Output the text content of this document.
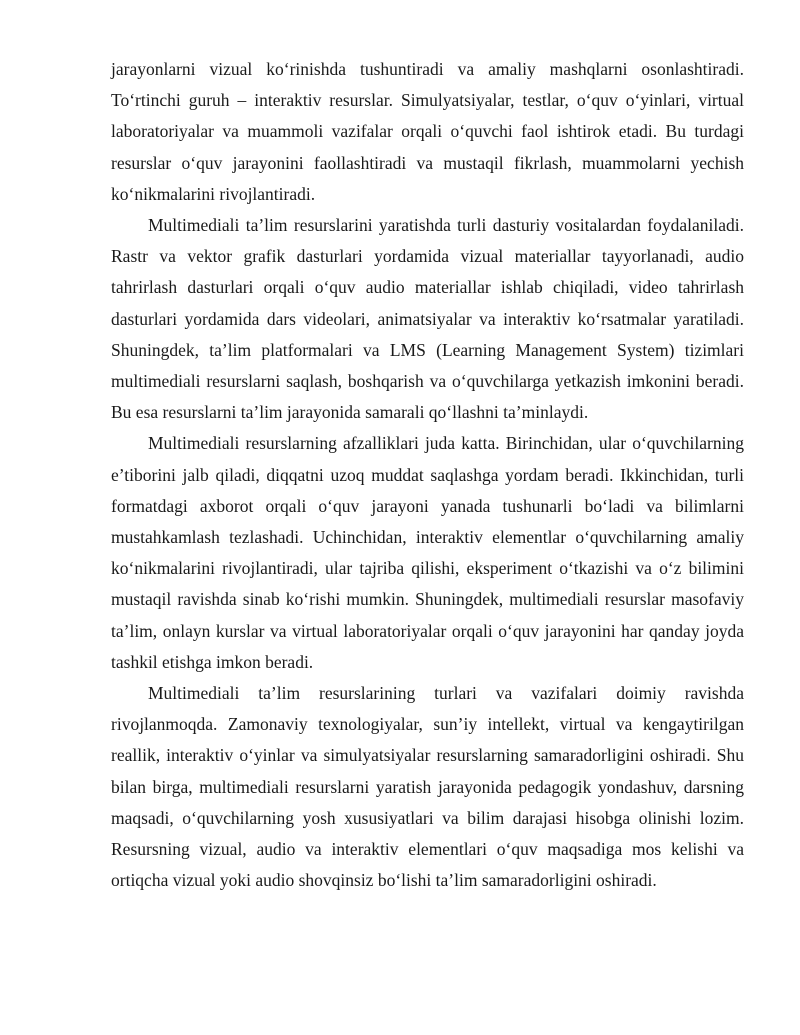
jarayonlarni vizual ko‘rinishda tushuntiradi va amaliy mashqlarni osonlashtiradi. To‘rtinchi guruh – interaktiv resurslar. Simulyatsiyalar, testlar, o‘quv o‘yinlari, virtual laboratoriyalar va muammoli vazifalar orqali o‘quvchi faol ishtirok etadi. Bu turdagi resurslar o‘quv jarayonini faollashtiradi va mustaqil fikrlash, muammolarni yechish ko‘nikmalarini rivojlantiradi.

Multimediali ta’lim resurslarini yaratishda turli dasturiy vositalardan foydalaniladi. Rastr va vektor grafik dasturlari yordamida vizual materiallar tayyorlanadi, audio tahrirlash dasturlari orqali o‘quv audio materiallar ishlab chiqiladi, video tahrirlash dasturlari yordamida dars videolari, animatsiyalar va interaktiv ko‘rsatmalar yaratiladi. Shuningdek, ta’lim platformalari va LMS (Learning Management System) tizimlari multimediali resurslarni saqlash, boshqarish va o‘quvchilarga yetkazish imkonini beradi. Bu esa resurslarni ta’lim jarayonida samarali qo‘llashni ta’minlaydi.

Multimediali resurslarning afzalliklari juda katta. Birinchidan, ular o‘quvchilarning e’tiborini jalb qiladi, diqqatni uzoq muddat saqlashga yordam beradi. Ikkinchidan, turli formatdagi axborot orqali o‘quv jarayoni yanada tushunarli bo‘ladi va bilimlarni mustahkamlash tezlashadi. Uchinchidan, interaktiv elementlar o‘quvchilarning amaliy ko‘nikmalarini rivojlantiradi, ular tajriba qilishi, eksperiment o‘tkazishi va o‘z bilimini mustaqil ravishda sinab ko‘rishi mumkin. Shuningdek, multimediali resurslar masofaviy ta’lim, onlayn kurslar va virtual laboratoriyalar orqali o‘quv jarayonini har qanday joyda tashkil etishga imkon beradi.

Multimediali ta’lim resurslarining turlari va vazifalari doimiy ravishda rivojlanmoqda. Zamonaviy texnologiyalar, sun’iy intellekt, virtual va kengaytirilgan reallik, interaktiv o‘yinlar va simulyatsiyalar resurslarning samaradorligini oshiradi. Shu bilan birga, multimediali resurslarni yaratish jarayonida pedagogik yondashuv, darsning maqsadi, o‘quvchilarning yosh xususiyatlari va bilim darajasi hisobga olinishi lozim. Resursning vizual, audio va interaktiv elementlari o‘quv maqsadiga mos kelishi va ortiqcha vizual yoki audio shovqinsiz bo‘lishi ta’lim samaradorligini oshiradi.
